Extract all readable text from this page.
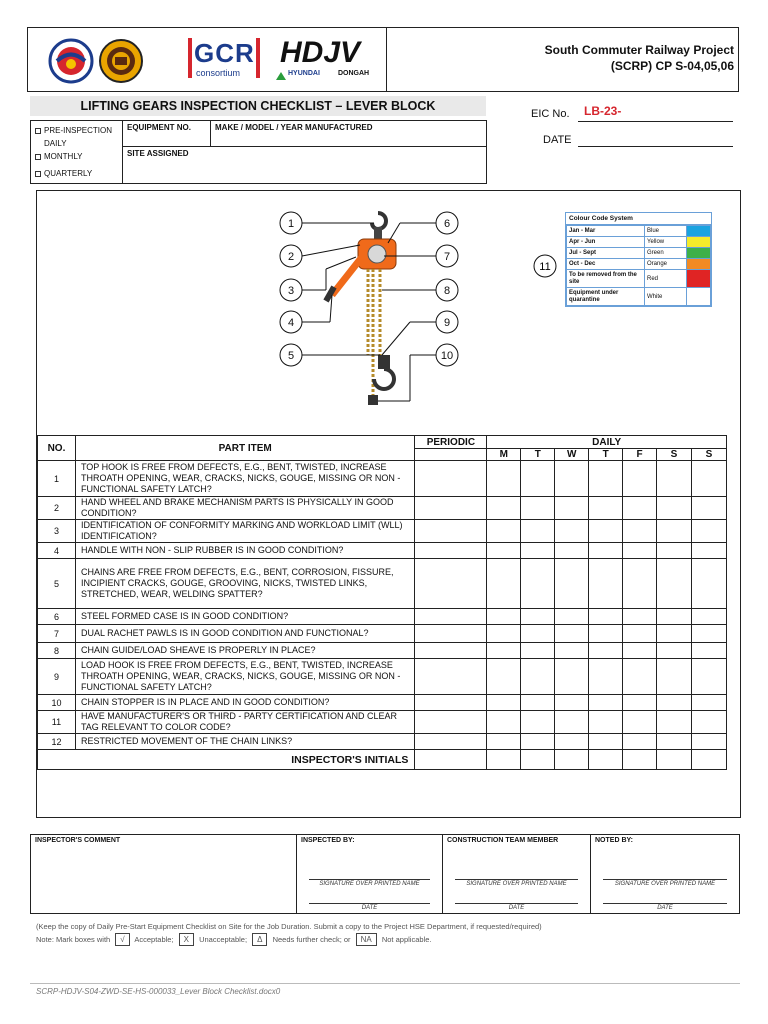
GCR
consortium
HDJV
HYUNDAI	DONGAH
South Commuter Railway Project
(SCRP) CP S-04,05,06
LIFTING GEARS INSPECTION CHECKLIST – LEVER BLOCK
EIC No. LB-23-
DATE
PRE-INSPECTION
DAILY
MONTHLY
QUARTERLY
EQUIPMENT NO.	MAKE / MODEL / YEAR MANUFACTURED
SITE ASSIGNED
1
2
3
4
5
6
7
8
9
10
11
Colour Code System
Jan - Mar	Blue	
Apr - Jun	Yellow	
Jul - Sept	Green	
Oct - Dec	Orange	
To be removed from the site	Red	
Equipment under quarantine	White	
NO.	PART ITEM	PERIODIC	DAILY						
			M	T	W	T	F	S	S
1	TOP HOOK IS FREE FROM DEFECTS, E.G., BENT, TWISTED, INCREASE THROATH OPENING, WEAR, CRACKS, NICKS, GOUGE, MISSING OR NON - FUNCTIONAL SAFETY LATCH?								
2	HAND WHEEL AND BRAKE MECHANISM PARTS IS PHYSICALLY IN GOOD CONDITION?								
3	IDENTIFICATION OF CONFORMITY MARKING AND WORKLOAD LIMIT (WLL) IDENTIFICATION?								
4	HANDLE WITH NON - SLIP RUBBER IS IN GOOD CONDITION?								
5	CHAINS ARE FREE FROM DEFECTS, E.G., BENT, CORROSION, FISSURE, INCIPIENT CRACKS, GOUGE, GROOVING, NICKS, TWISTED LINKS, STRETCHED, WEAR, WELDING SPATTER?								
6	STEEL FORMED CASE IS IN GOOD CONDITION?								
7	DUAL RACHET PAWLS IS IN GOOD CONDITION AND FUNCTIONAL?								
8	CHAIN GUIDE/LOAD SHEAVE IS PROPERLY IN PLACE?								
9	LOAD HOOK IS FREE FROM DEFECTS, E.G., BENT, TWISTED, INCREASE THROATH OPENING, WEAR, CRACKS, NICKS, GOUGE, MISSING OR NON - FUNCTIONAL SAFETY LATCH?								
10	CHAIN STOPPER IS IN PLACE AND IN GOOD CONDITION?								
11	HAVE MANUFACTURER'S OR THIRD - PARTY CERTIFICATION AND CLEAR TAG RELEVANT TO COLOR CODE?								
12	RESTRICTED MOVEMENT OF THE CHAIN LINKS?								
INSPECTOR'S INITIALS									
INSPECTOR'S COMMENT	INSPECTED BY:
SIGNATURE OVER PRINTED NAME
DATE
CONSTRUCTION TEAM MEMBER
SIGNATURE OVER PRINTED NAME
DATE
NOTED BY:
SIGNATURE OVER PRINTED NAME
DATE
(Keep the copy of Daily Pre-Start Equipment Checklist on Site for the Job Duration. Submit a copy to the Project HSE Department, if requested/required)
Note: Mark boxes with √ Acceptable; X Unacceptable; Δ Needs further check; or NA Not applicable.
SCRP-HDJV-S04-ZWD-SE-HS-000033_Lever Block Checklist.docx0
